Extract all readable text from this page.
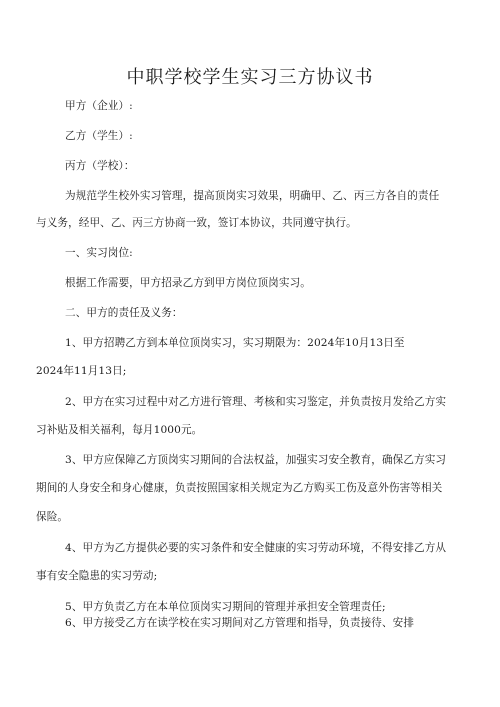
中职学校学生实习三方协议书
甲方（企业）:
乙方（学生）:
丙方（学校）：
为规范学生校外实习管理，提高顶岗实习效果，明确甲、乙、丙三方各自的责任
与义务，经甲、乙、丙三方协商一致，签订本协议，共同遵守执行。
一、实习岗位:
根据工作需要，甲方招录乙方到甲方岗位顶岗实习。
二、甲方的责任及义务：
1、甲方招聘乙方到本单位顶岗实习，实习期限为：2024年10月13日至
2024年11月13日;
2、甲方在实习过程中对乙方进行管理、考核和实习鉴定，并负责按月发给乙方实
习补贴及相关福利，每月1000元。
3、甲方应保障乙方顶岗实习期间的合法权益，加强实习安全教育，确保乙方实习
期间的人身安全和身心健康，负责按照国家相关规定为乙方购买工伤及意外伤害等相关
保险。
4、甲方为乙方提供必要的实习条件和安全健康的实习劳动环境，不得安排乙方从
事有安全隐患的实习劳动;
5、甲方负责乙方在本单位顶岗实习期间的管理并承担安全管理责任;
6、甲方接受乙方在读学校在实习期间对乙方管理和指导，负责接待、安排
